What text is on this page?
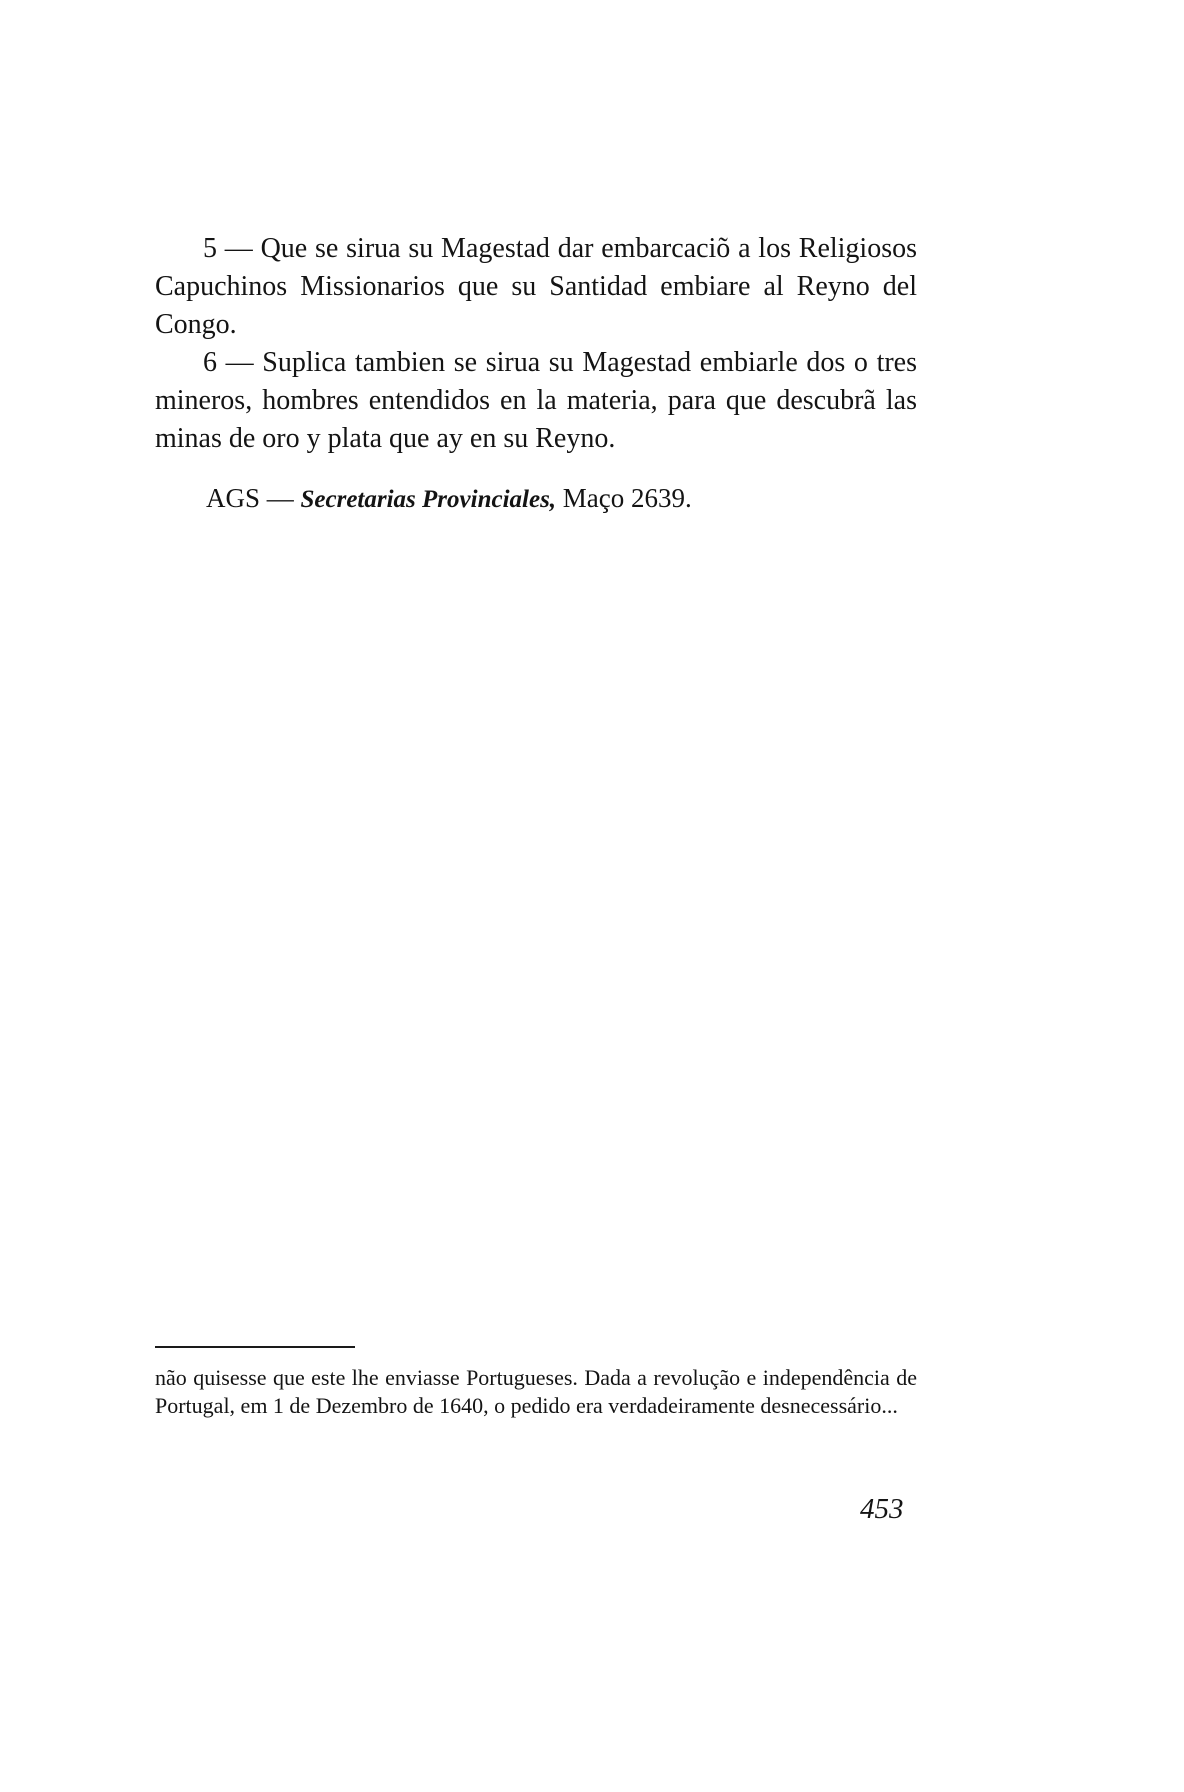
5 — Que se sirua su Magestad dar embarcaciõ a los Religiosos Capuchinos Missionarios que su Santidad embiare al Reyno del Congo.

6 — Suplica tambien se sirua su Magestad embiarle dos o tres mineros, hombres entendidos en la materia, para que descubrã las minas de oro y plata que ay en su Reyno.

AGS — Secretarias Provinciales, Maço 2639.
não quisesse que este lhe enviasse Portugueses. Dada a revolução e independência de Portugal, em 1 de Dezembro de 1640, o pedido era verdadeiramente desnecessário...
453
